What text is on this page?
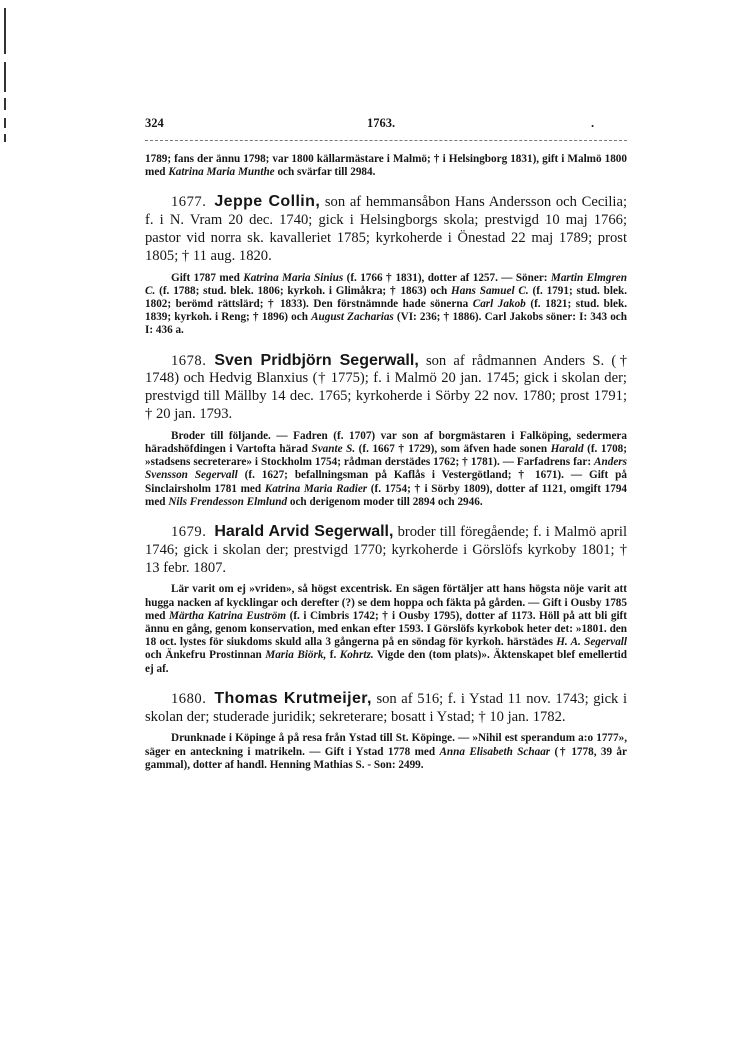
324	1763.	.

1789; fans der ännu 1798; var 1800 källarmästare i Malmö; † i Helsingborg 1831), gift i Malmö 1800 med Katrina Maria Munthe och svärfar till 2984.

1677. Jeppe Collin, son af hemmansåbon Hans Andersson och Cecilia; f. i N. Vram 20 dec. 1740; gick i Helsingborgs skola; prestvigd 10 maj 1766; pastor vid norra sk. kavalleriet 1785; kyrkoherde i Önestad 22 maj 1789; prost 1805; † 11 aug. 1820.

Gift 1787 med Katrina Maria Sinius (f. 1766 † 1831), dotter af 1257. — Söner: Martin Elmgren C. (f. 1788; stud. blek. 1806; kyrkoh. i Glimåkra; † 1863) och Hans Samuel C. (f. 1791; stud. blek. 1802; berömd rättslärd; † 1833). Den förstnämnde hade sönerna Carl Jakob (f. 1821; stud. blek. 1839; kyrkoh. i Reng; † 1896) och August Zacharias (VI: 236; † 1886). Carl Jakobs söner: I: 343 och I: 436 a.

1678. Sven Pridbjörn Segerwall, son af rådmannen Anders S. († 1748) och Hedvig Blanxius († 1775); f. i Malmö 20 jan. 1745; gick i skolan der; prestvigd till Mällby 14 dec. 1765; kyrkoherde i Sörby 22 nov. 1780; prost 1791; † 20 jan. 1793.

Broder till följande. — Fadren (f. 1707) var son af borgmästaren i Falköping, sedermera häradshöfdingen i Vartofta härad Svante S. (f. 1667 † 1729), som äfven hade sonen Harald (f. 1708; »stadsens secreterare» i Stockholm 1754; rådman derstädes 1762; † 1781). — Farfadrens far: Anders Svensson Segervall (f. 1627; befallningsman på Kaflås i Vestergötland; † 1671). — Gift på Sinclairsholm 1781 med Katrina Maria Radier (f. 1754; † i Sörby 1809), dotter af 1121, omgift 1794 med Nils Frendesson Elmlund och derigenom moder till 2894 och 2946.

1679. Harald Arvid Segerwall, broder till föregående; f. i Malmö april 1746; gick i skolan der; prestvigd 1770; kyrkoherde i Görslöfs kyrkoby 1801; † 13 febr. 1807.

Lär varit om ej »vriden», så högst excentrisk. En sägen förtäljer att hans högsta nöje varit att hugga nacken af kycklingar och derefter (?) se dem hoppa och fäkta på gården. — Gift i Ousby 1785 med Märtha Katrina Euström (f. i Cimbris 1742; † i Ousby 1795), dotter af 1173. Höll på att bli gift ännu en gång, genom konservation, med enkan efter 1593. I Görslöfs kyrkobok heter det: »1801. den 18 oct. lystes för siukdoms skuld alla 3 gångerna på en söndag för kyrkoh. härstädes H. A. Segervall och Änkefru Prostinnan Maria Biörk, f. Kohrtz. Vigde den (tom plats)». Äktenskapet blef emellertid ej af.

1680. Thomas Krutmeijer, son af 516; f. i Ystad 11 nov. 1743; gick i skolan der; studerade juridik; sekreterare; bosatt i Ystad; † 10 jan. 1782.

Drunknade i Köpinge å på resa från Ystad till St. Köpinge. — »Nihil est sperandum a:o 1777», säger en anteckning i matrikeln. — Gift i Ystad 1778 med Anna Elisabeth Schaar († 1778, 39 år gammal), dotter af handl. Henning Mathias S. - Son: 2499.
